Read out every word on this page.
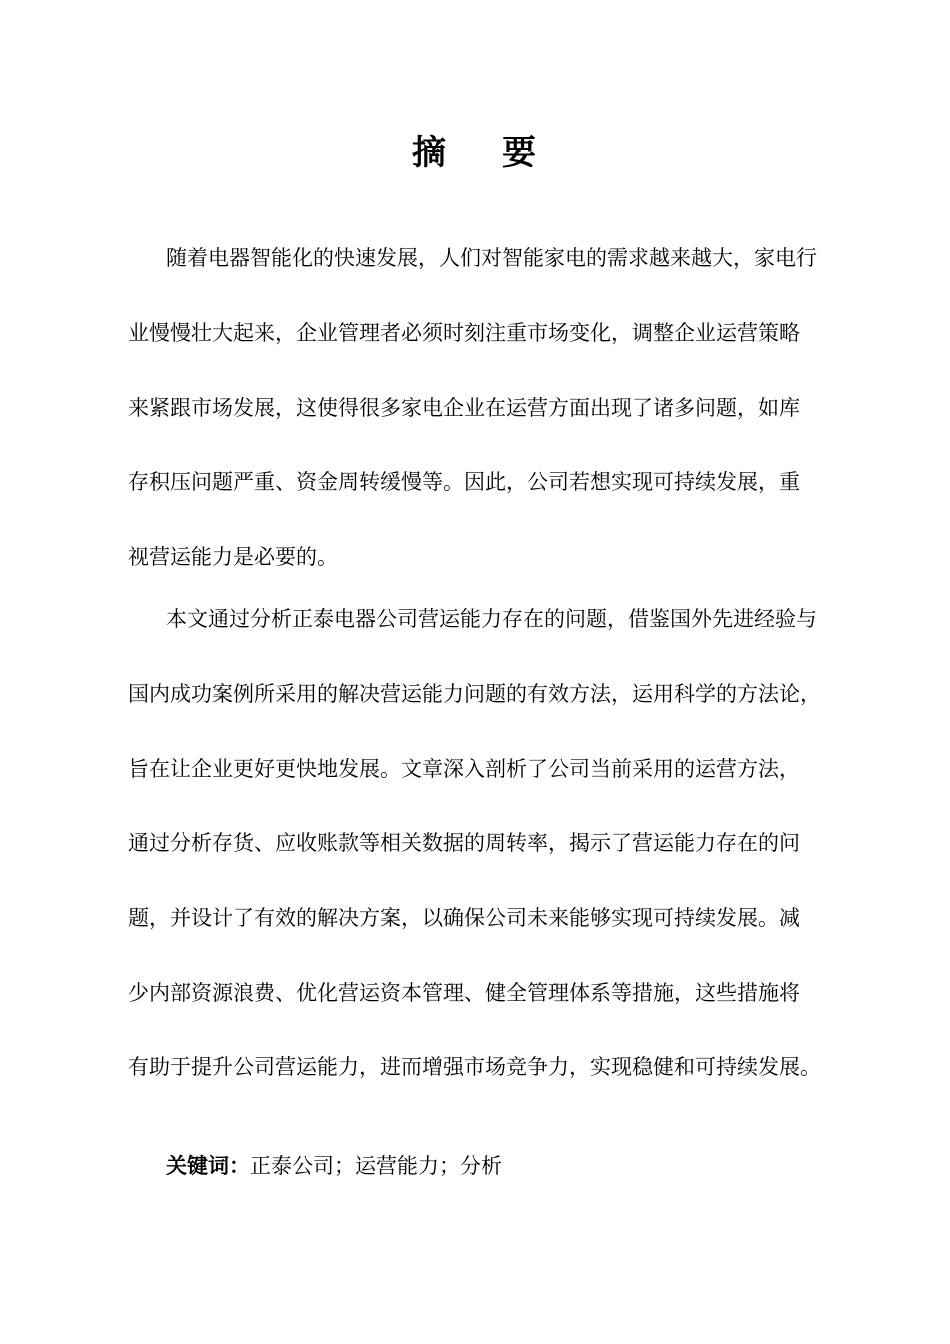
摘 要
随着电器智能化的快速发展，人们对智能家电的需求越来越大，家电行
业慢慢壮大起来，企业管理者必须时刻注重市场变化，调整企业运营策略
来紧跟市场发展，这使得很多家电企业在运营方面出现了诸多问题，如库
存积压问题严重、资金周转缓慢等。因此，公司若想实现可持续发展，重
视营运能力是必要的。
本文通过分析正泰电器公司营运能力存在的问题，借鉴国外先进经验与
国内成功案例所采用的解决营运能力问题的有效方法，运用科学的方法论，
旨在让企业更好更快地发展。文章深入剖析了公司当前采用的运营方法，
通过分析存货、应收账款等相关数据的周转率，揭示了营运能力存在的问
题，并设计了有效的解决方案，以确保公司未来能够实现可持续发展。减
少内部资源浪费、优化营运资本管理、健全管理体系等措施，这些措施将
有助于提升公司营运能力，进而增强市场竞争力，实现稳健和可持续发展。
关键词：正泰公司；运营能力；分析
